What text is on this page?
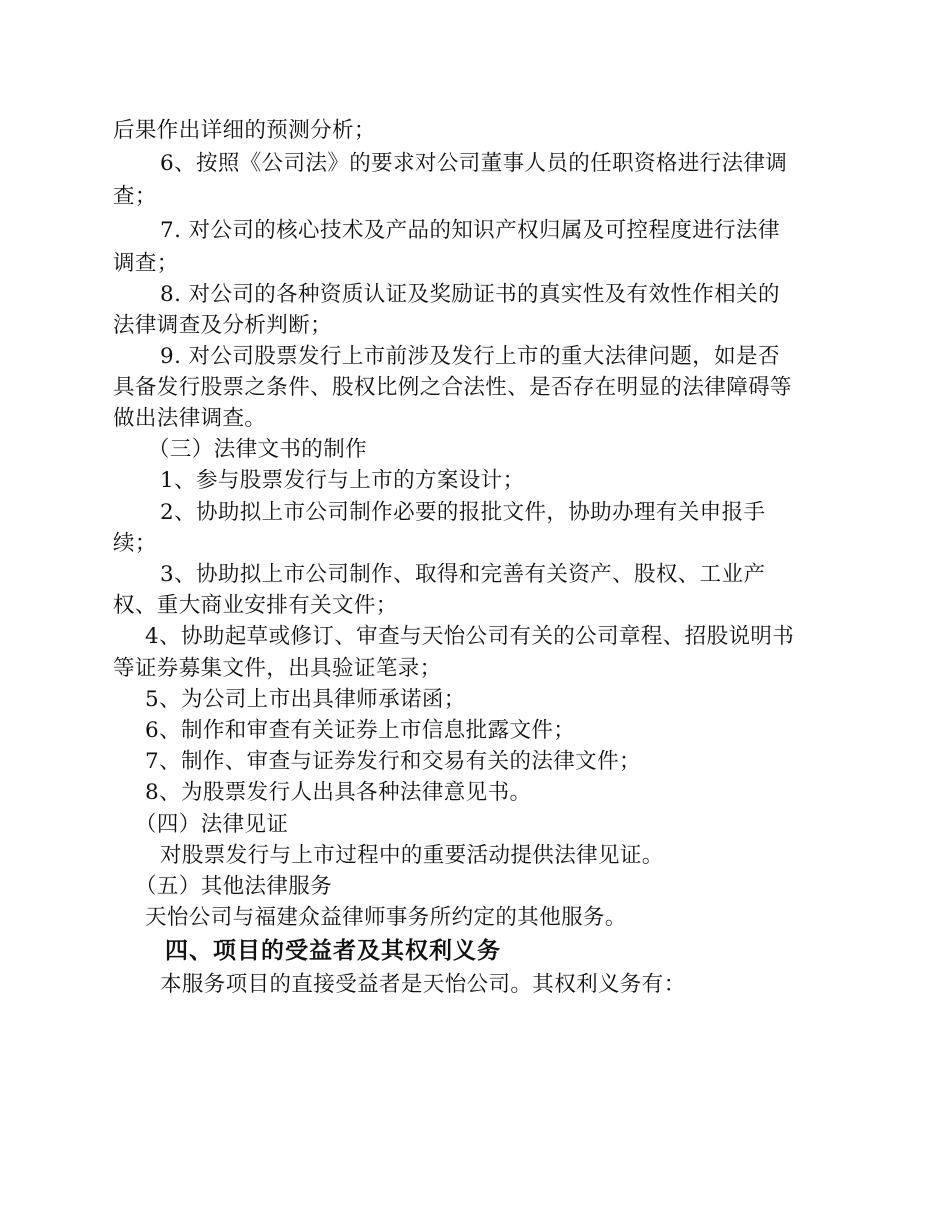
后果作出详细的预测分析；
6、按照《公司法》的要求对公司董事人员的任职资格进行法律调
查；
7. 对公司的核心技术及产品的知识产权归属及可控程度进行法律
调查；
8. 对公司的各种资质认证及奖励证书的真实性及有效性作相关的
法律调查及分析判断；
9. 对公司股票发行上市前涉及发行上市的重大法律问题，如是否
具备发行股票之条件、股权比例之合法性、是否存在明显的法律障碍等
做出法律调查。
（三）法律文书的制作
1、参与股票发行与上市的方案设计；
2、协助拟上市公司制作必要的报批文件，协助办理有关申报手
续；
3、协助拟上市公司制作、取得和完善有关资产、股权、工业产
权、重大商业安排有关文件；
4、协助起草或修订、审查与天怡公司有关的公司章程、招股说明书
等证券募集文件，出具验证笔录；
5、为公司上市出具律师承诺函；
6、制作和审查有关证券上市信息批露文件；
7、制作、审查与证券发行和交易有关的法律文件；
8、为股票发行人出具各种法律意见书。
（四）法律见证
对股票发行与上市过程中的重要活动提供法律见证。
（五）其他法律服务
天怡公司与福建众益律师事务所约定的其他服务。
四、项目的受益者及其权利义务
本服务项目的直接受益者是天怡公司。其权利义务有：
